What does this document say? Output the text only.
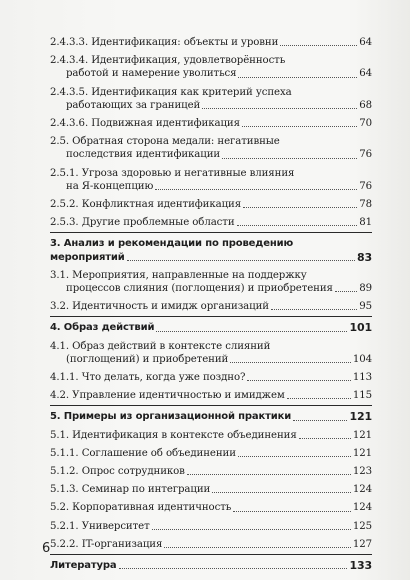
2.4.3.3. Идентификация: объекты и уровни	64
2.4.3.4. Идентификация, удовлетворённость
работой и намерение уволиться	64
2.4.3.5. Идентификация как критерий успеха
работающих за границей	68
2.4.3.6. Подвижная идентификация	70
2.5. Обратная сторона медали: негативные
последствия идентификации	76
2.5.1. Угроза здоровью и негативные влияния
на Я-концепцию	76
2.5.2. Конфликтная идентификация	78
2.5.3. Другие проблемные области	81
3. Анализ и рекомендации по проведению
мероприятий	83
3.1. Мероприятия, направленные на поддержку
процессов слияния (поглощения) и приобретения	89
3.2. Идентичность и имидж организаций	95
4. Образ действий	101
4.1. Образ действий в контексте слияний
(поглощений) и приобретений	104
4.1.1. Что делать, когда уже поздно?	113
4.2. Управление идентичностью и имиджем	115
5. Примеры из организационной практики	121
5.1. Идентификация в контексте объединения	121
5.1.1. Соглашение об объединении	121
5.1.2. Опрос сотрудников	123
5.1.3. Семинар по интеграции	124
5.2. Корпоративная идентичность	124
5.2.1. Университет	125
5.2.2. IT-организация	127
Литература	133
6
